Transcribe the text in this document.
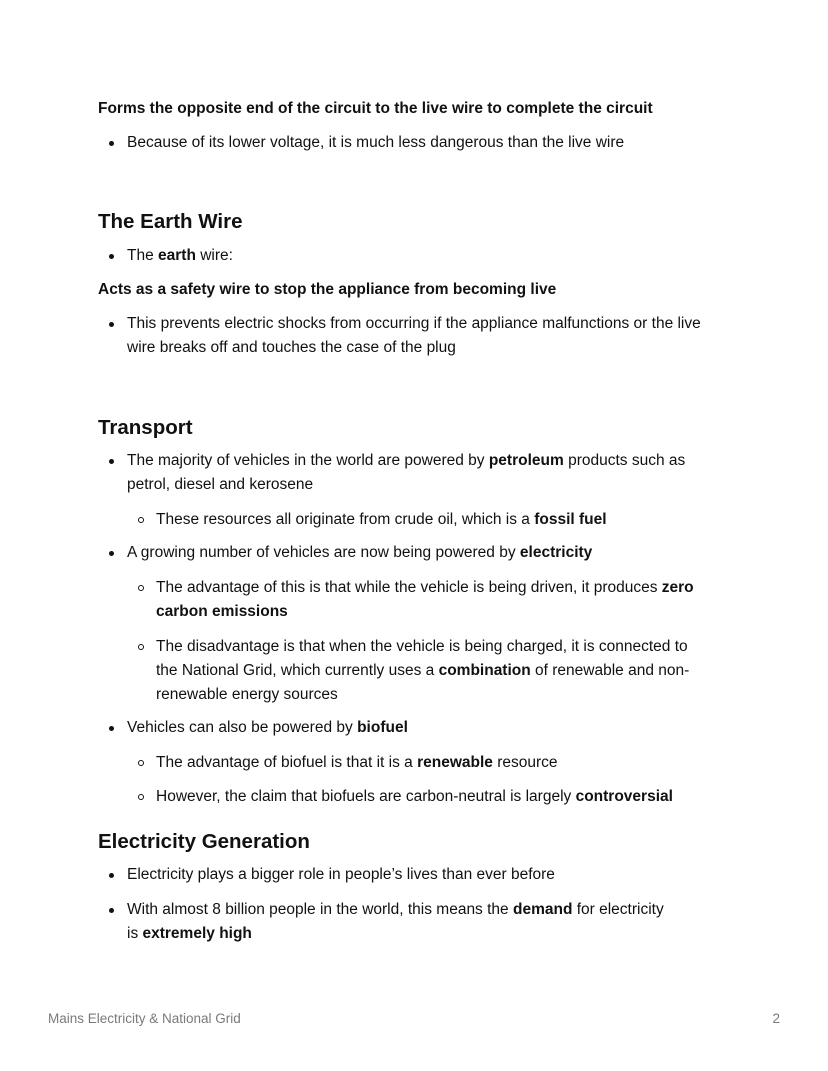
Forms the opposite end of the circuit to the live wire to complete the circuit
Because of its lower voltage, it is much less dangerous than the live wire
The Earth Wire
The earth wire:
Acts as a safety wire to stop the appliance from becoming live
This prevents electric shocks from occurring if the appliance malfunctions or the live
wire breaks off and touches the case of the plug
Transport
The majority of vehicles in the world are powered by petroleum products such as
petrol, diesel and kerosene
These resources all originate from crude oil, which is a fossil fuel
A growing number of vehicles are now being powered by electricity
The advantage of this is that while the vehicle is being driven, it produces zero
carbon emissions
The disadvantage is that when the vehicle is being charged, it is connected to
the National Grid, which currently uses a combination of renewable and non-
renewable energy sources
Vehicles can also be powered by biofuel
The advantage of biofuel is that it is a renewable resource
However, the claim that biofuels are carbon-neutral is largely controversial
Electricity Generation
Electricity plays a bigger role in people’s lives than ever before
With almost 8 billion people in the world, this means the demand for electricity
is extremely high
Mains Electricity & National Grid	2
